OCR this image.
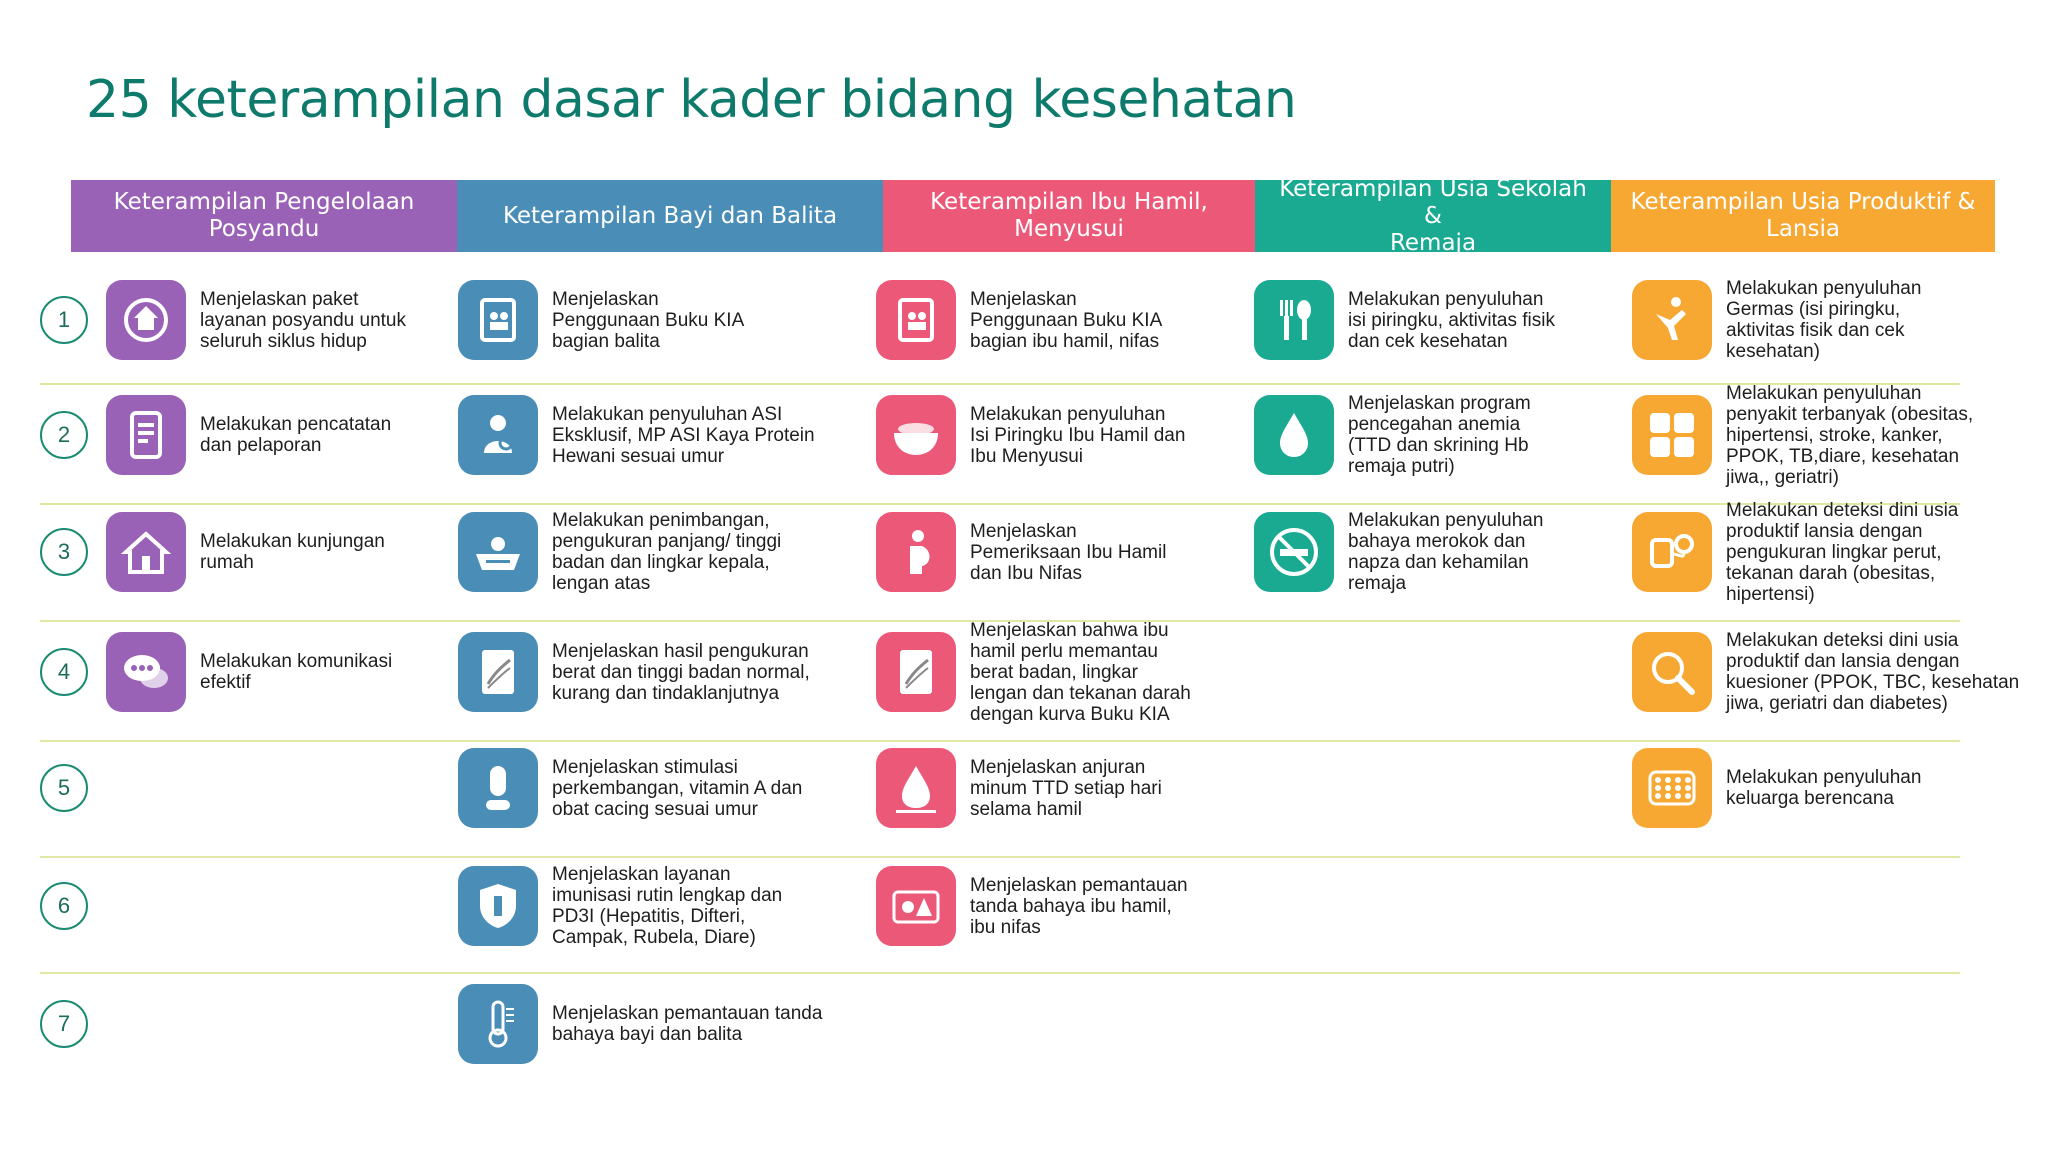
25 keterampilan dasar kader bidang kesehatan
Keterampilan Pengelolaan
Posyandu
Keterampilan Bayi dan Balita
Keterampilan Ibu Hamil,
Menyusui
Keterampilan Usia Sekolah &
Remaja
Keterampilan Usia Produktif &
Lansia
1
2
3
4
5
6
7
Menjelaskan paket
layanan posyandu untuk
seluruh siklus hidup
Melakukan pencatatan
dan pelaporan
Melakukan kunjungan
rumah
Melakukan komunikasi
efektif
Menjelaskan
Penggunaan Buku KIA
bagian balita
Melakukan penyuluhan ASI
Eksklusif, MP ASI Kaya Protein
Hewani sesuai umur
Melakukan penimbangan,
pengukuran panjang/ tinggi
badan dan lingkar kepala,
lengan atas
Menjelaskan hasil pengukuran
berat dan tinggi badan normal,
kurang dan tindaklanjutnya
Menjelaskan stimulasi
perkembangan, vitamin A dan
obat cacing sesuai umur
Menjelaskan layanan
imunisasi rutin lengkap dan
PD3I (Hepatitis, Difteri,
Campak, Rubela, Diare)
Menjelaskan pemantauan tanda
bahaya bayi dan balita
Menjelaskan
Penggunaan Buku KIA
bagian ibu hamil, nifas
Melakukan penyuluhan
Isi Piringku Ibu Hamil dan
Ibu Menyusui
Menjelaskan
Pemeriksaan Ibu Hamil
dan Ibu Nifas
Menjelaskan bahwa ibu
hamil perlu memantau
berat badan, lingkar
lengan dan tekanan darah
dengan kurva Buku KIA
Menjelaskan anjuran
minum TTD setiap hari
selama hamil
Menjelaskan pemantauan
tanda bahaya ibu hamil,
ibu nifas
Melakukan penyuluhan
isi piringku, aktivitas fisik
dan cek kesehatan
Menjelaskan program
pencegahan anemia
(TTD dan skrining Hb
remaja putri)
Melakukan penyuluhan
bahaya merokok dan
napza dan kehamilan
remaja
Melakukan penyuluhan
Germas (isi piringku,
aktivitas fisik dan cek
kesehatan)
Melakukan penyuluhan
penyakit terbanyak (obesitas,
hipertensi, stroke, kanker,
PPOK, TB,diare, kesehatan
jiwa,, geriatri)
Melakukan deteksi dini usia
produktif lansia dengan
pengukuran lingkar perut,
tekanan darah (obesitas,
hipertensi)
Melakukan deteksi dini usia
produktif dan lansia dengan
kuesioner (PPOK, TBC, kesehatan
jiwa, geriatri dan diabetes)
Melakukan penyuluhan
keluarga berencana
